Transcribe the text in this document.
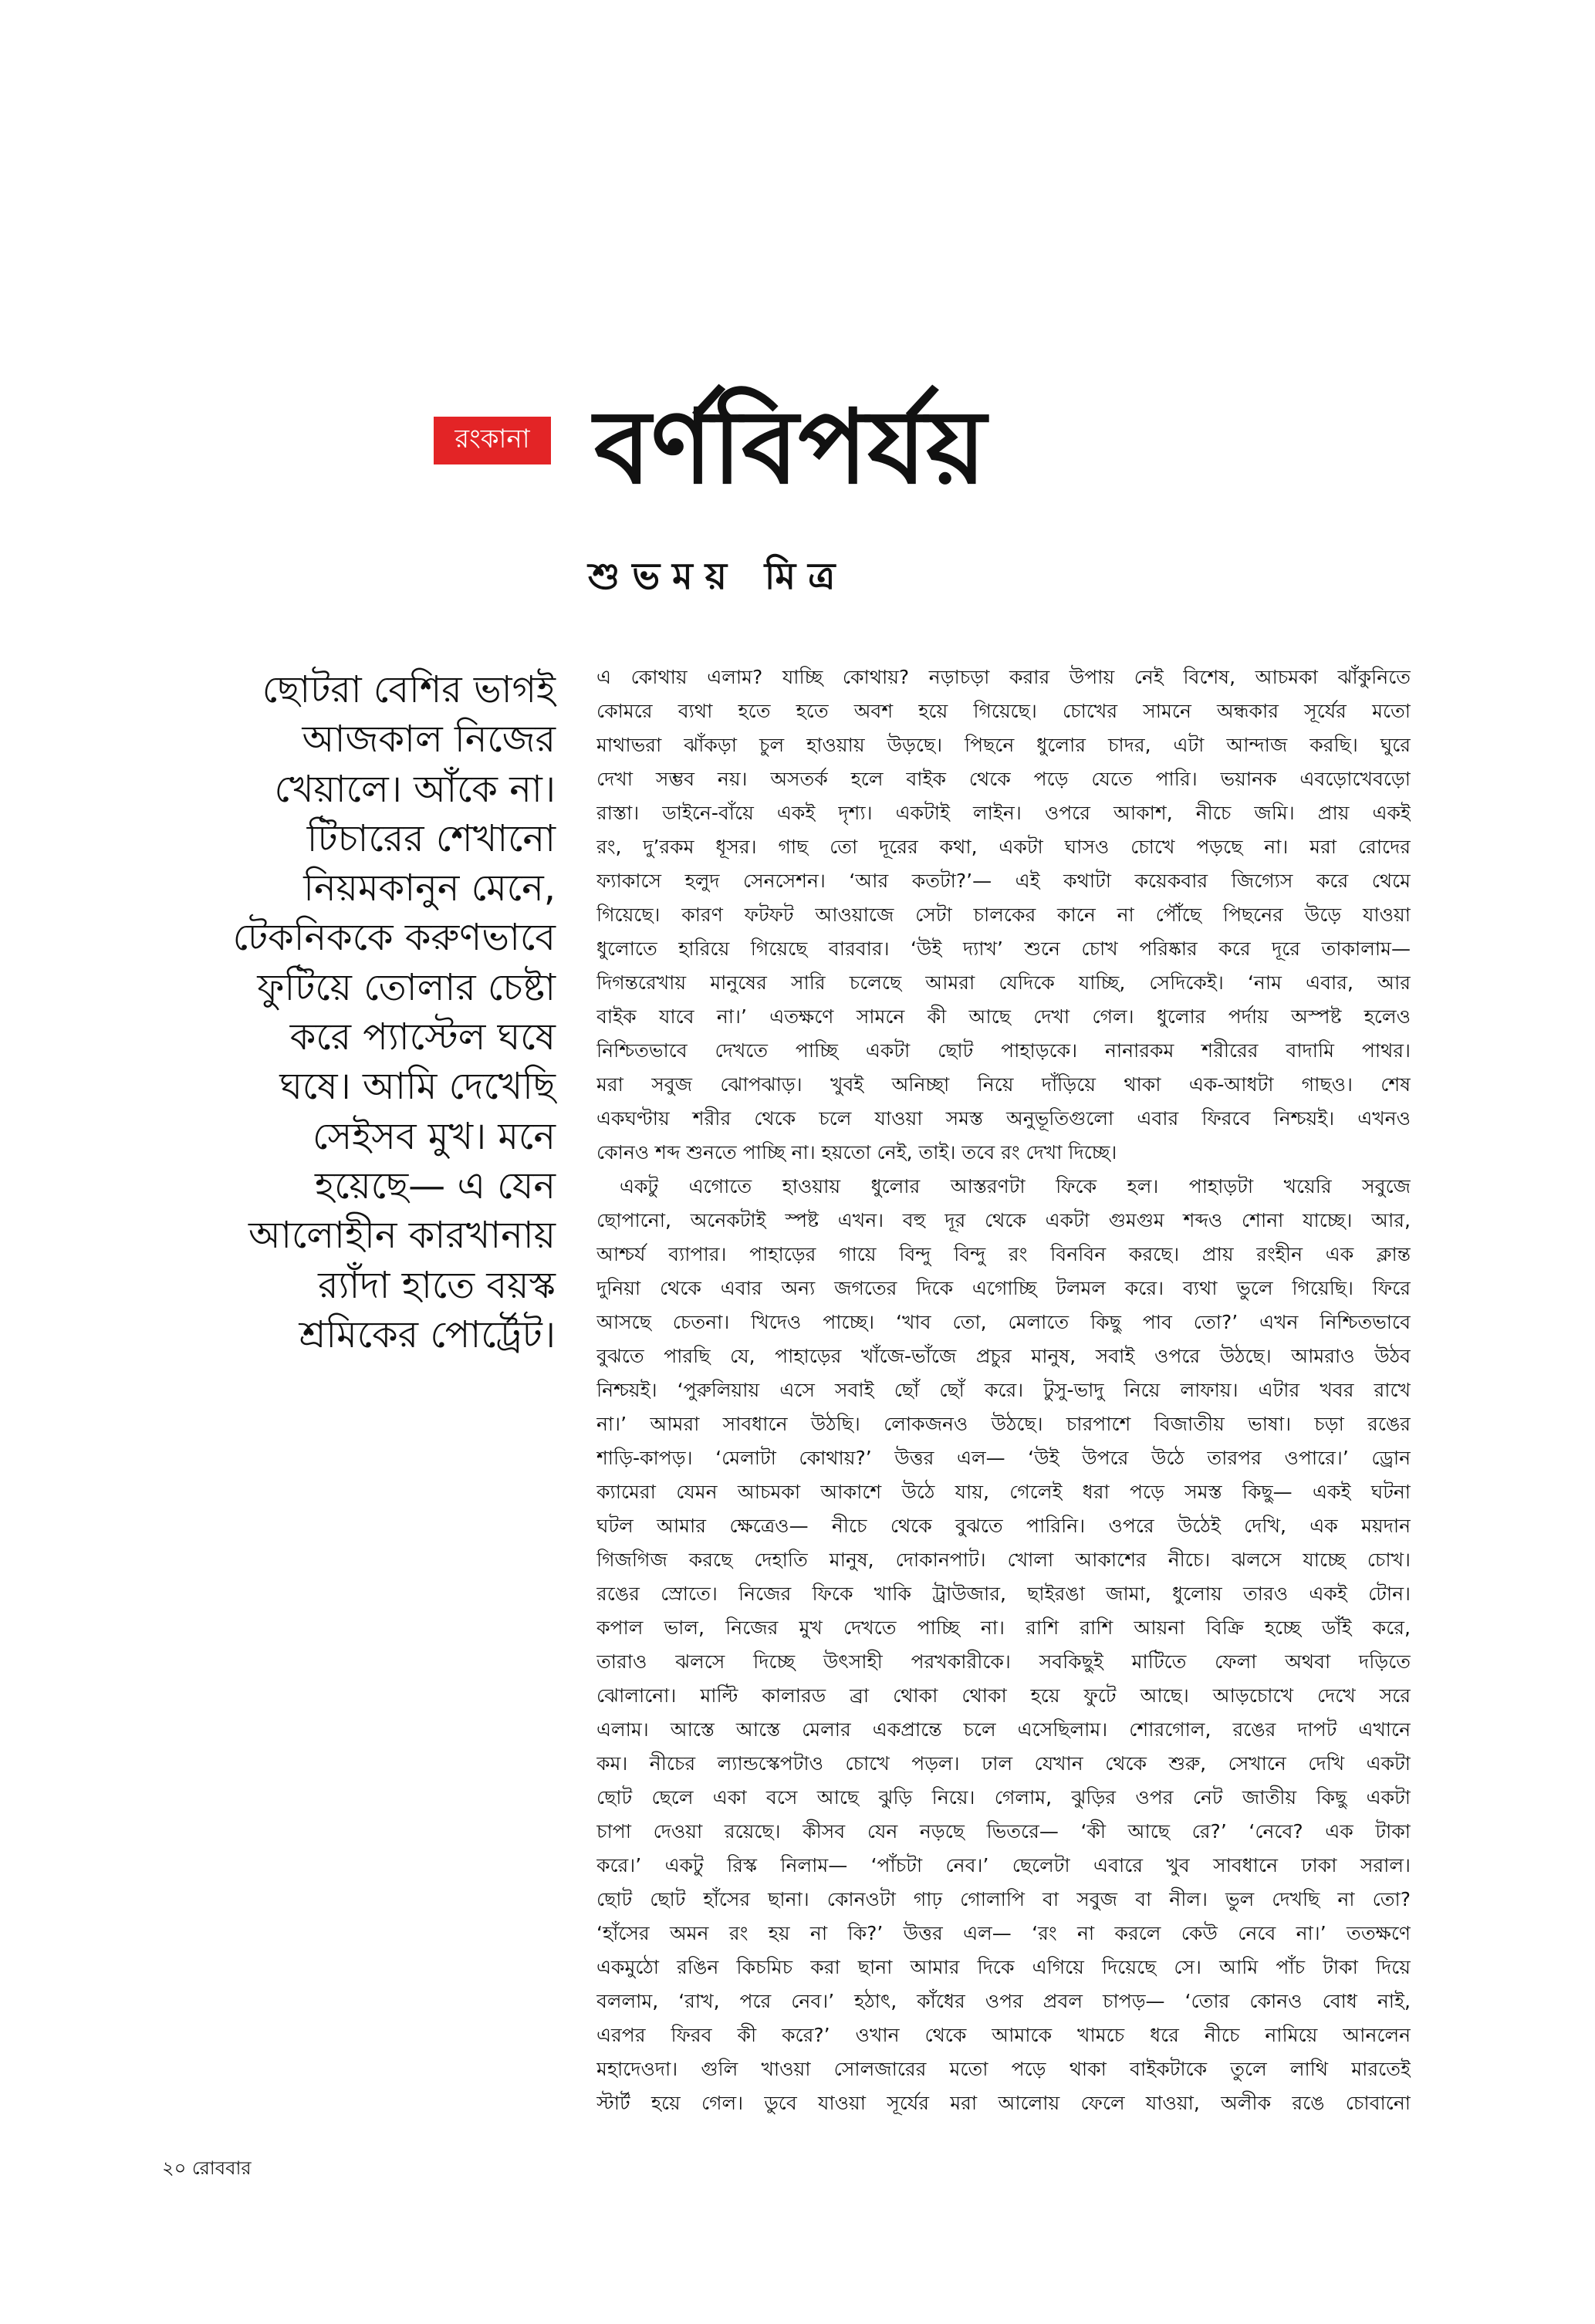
রংকানা বর্ণবিপর্যয়
শুভময় মিত্র
ছোটরা বেশির ভাগই
আজকাল নিজের
খেয়ালে। আঁকে না।
টিচারের শেখানো
নিয়মকানুন মেনে,
টেকনিককে করুণভাবে
ফুটিয়ে তোলার চেষ্টা
করে প্যাস্টেল ঘষে
ঘষে। আমি দেখেছি
সেইসব মুখ। মনে
হয়েছে— এ যেন
আলোহীন কারখানায়
র‍্যাঁদা হাতে বয়স্ক
শ্রমিকের পোর্ট্রেট।
এ কোথায় এলাম? যাচ্ছি কোথায়? নড়াচড়া করার উপায় নেই বিশেষ, আচমকা ঝাঁকুনিতে
কোমরে ব্যথা হতে হতে অবশ হয়ে গিয়েছে। চোখের সামনে অন্ধকার সূর্যের মতো
মাথাভরা ঝাঁকড়া চুল হাওয়ায় উড়ছে। পিছনে ধুলোর চাদর, এটা আন্দাজ করছি। ঘুরে
দেখা সম্ভব নয়। অসতর্ক হলে বাইক থেকে পড়ে যেতে পারি। ভয়ানক এবড়োখেবড়ো
রাস্তা। ডাইনে-বাঁয়ে একই দৃশ্য। একটাই লাইন। ওপরে আকাশ, নীচে জমি। প্রায় একই
রং, দু’রকম ধূসর। গাছ তো দূরের কথা, একটা ঘাসও চোখে পড়ছে না। মরা রোদের
ফ্যাকাসে হলুদ সেনসেশন। ‘আর কতটা?’— এই কথাটা কয়েকবার জিগ্যেস করে থেমে
গিয়েছে। কারণ ফটফট আওয়াজে সেটা চালকের কানে না পৌঁছে পিছনের উড়ে যাওয়া
ধুলোতে হারিয়ে গিয়েছে বারবার। ‘উই দ্যাখ’ শুনে চোখ পরিষ্কার করে দূরে তাকালাম—
দিগন্তরেখায় মানুষের সারি চলেছে আমরা যেদিকে যাচ্ছি, সেদিকেই। ‘নাম এবার, আর
বাইক যাবে না।’ এতক্ষণে সামনে কী আছে দেখা গেল। ধুলোর পর্দায় অস্পষ্ট হলেও
নিশ্চিতভাবে দেখতে পাচ্ছি একটা ছোট পাহাড়কে। নানারকম শরীরের বাদামি পাথর।
মরা সবুজ ঝোপঝাড়। খুবই অনিচ্ছা নিয়ে দাঁড়িয়ে থাকা এক-আধটা গাছও। শেষ
একঘণ্টায় শরীর থেকে চলে যাওয়া সমস্ত অনুভূতিগুলো এবার ফিরবে নিশ্চয়ই। এখনও
কোনও শব্দ শুনতে পাচ্ছি না। হয়তো নেই, তাই। তবে রং দেখা দিচ্ছে।
একটু এগোতে হাওয়ায় ধুলোর আস্তরণটা ফিকে হল। পাহাড়টা খয়েরি সবুজে
ছোপানো, অনেকটাই স্পষ্ট এখন। বহু দূর থেকে একটা গুমগুম শব্দও শোনা যাচ্ছে। আর,
আশ্চর্য ব্যাপার। পাহাড়ের গায়ে বিন্দু বিন্দু রং বিনবিন করছে। প্রায় রংহীন এক ক্লান্ত
দুনিয়া থেকে এবার অন্য জগতের দিকে এগোচ্ছি টলমল করে। ব্যথা ভুলে গিয়েছি। ফিরে
আসছে চেতনা। খিদেও পাচ্ছে। ‘খাব তো, মেলাতে কিছু পাব তো?’ এখন নিশ্চিতভাবে
বুঝতে পারছি যে, পাহাড়ের খাঁজে-ভাঁজে প্রচুর মানুষ, সবাই ওপরে উঠছে। আমরাও উঠব
নিশ্চয়ই। ‘পুরুলিয়ায় এসে সবাই ছোঁ ছোঁ করে। টুসু-ভাদু নিয়ে লাফায়। এটার খবর রাখে
না।’ আমরা সাবধানে উঠছি। লোকজনও উঠছে। চারপাশে বিজাতীয় ভাষা। চড়া রঙের
শাড়ি-কাপড়। ‘মেলাটা কোথায়?’ উত্তর এল— ‘উই উপরে উঠে তারপর ওপারে।’ ড্রোন
ক্যামেরা যেমন আচমকা আকাশে উঠে যায়, গেলেই ধরা পড়ে সমস্ত কিছু— একই ঘটনা
ঘটল আমার ক্ষেত্রেও— নীচে থেকে বুঝতে পারিনি। ওপরে উঠেই দেখি, এক ময়দান
গিজগিজ করছে দেহাতি মানুষ, দোকানপাট। খোলা আকাশের নীচে। ঝলসে যাচ্ছে চোখ।
রঙের স্রোতে। নিজের ফিকে খাকি ট্রাউজার, ছাইরঙা জামা, ধুলোয় তারও একই টোন।
কপাল ভাল, নিজের মুখ দেখতে পাচ্ছি না। রাশি রাশি আয়না বিক্রি হচ্ছে ডাঁই করে,
তারাও ঝলসে দিচ্ছে উৎসাহী পরখকারীকে। সবকিছুই মাটিতে ফেলা অথবা দড়িতে
ঝোলানো। মাল্টি কালারড ব্রা থোকা থোকা হয়ে ফুটে আছে। আড়চোখে দেখে সরে
এলাম। আস্তে আস্তে মেলার একপ্রান্তে চলে এসেছিলাম। শোরগোল, রঙের দাপট এখানে
কম। নীচের ল্যান্ডস্কেপটাও চোখে পড়ল। ঢাল যেখান থেকে শুরু, সেখানে দেখি একটা
ছোট ছেলে একা বসে আছে ঝুড়ি নিয়ে। গেলাম, ঝুড়ির ওপর নেট জাতীয় কিছু একটা
চাপা দেওয়া রয়েছে। কীসব যেন নড়ছে ভিতরে— ‘কী আছে রে?’ ‘নেবে? এক টাকা
করে।’ একটু রিস্ক নিলাম— ‘পাঁচটা নেব।’ ছেলেটা এবারে খুব সাবধানে ঢাকা সরাল।
ছোট ছোট হাঁসের ছানা। কোনওটা গাঢ় গোলাপি বা সবুজ বা নীল। ভুল দেখছি না তো?
‘হাঁসের অমন রং হয় না কি?’ উত্তর এল— ‘রং না করলে কেউ নেবে না।’ ততক্ষণে
একমুঠো রঙিন কিচমিচ করা ছানা আমার দিকে এগিয়ে দিয়েছে সে। আমি পাঁচ টাকা দিয়ে
বললাম, ‘রাখ, পরে নেব।’ হঠাৎ, কাঁধের ওপর প্রবল চাপড়— ‘তোর কোনও বোধ নাই,
এরপর ফিরব কী করে?’ ওখান থেকে আমাকে খামচে ধরে নীচে নামিয়ে আনলেন
মহাদেওদা। গুলি খাওয়া সোলজারের মতো পড়ে থাকা বাইকটাকে তুলে লাথি মারতেই
স্টার্ট হয়ে গেল। ডুবে যাওয়া সূর্যের মরা আলোয় ফেলে যাওয়া, অলীক রঙে চোবানো
২০ রোববার
